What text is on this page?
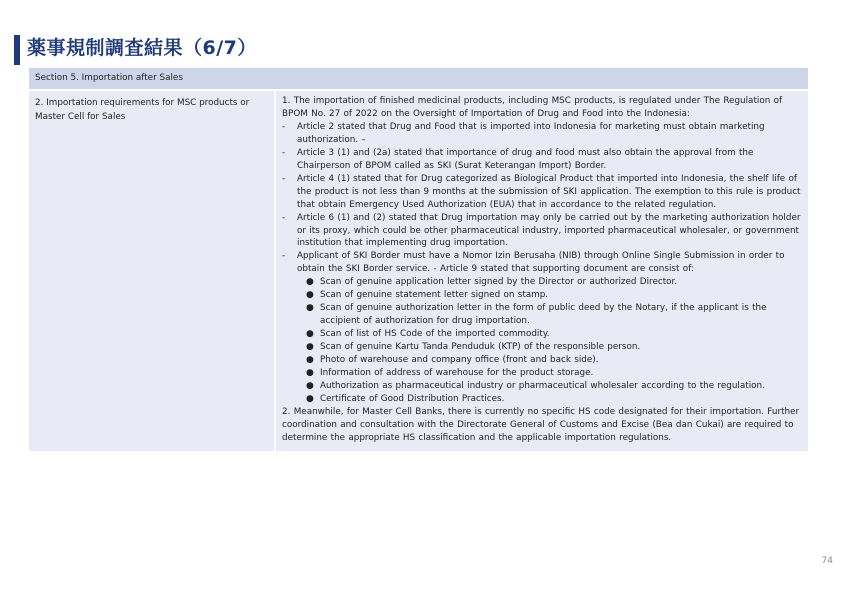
薬事規制調査結果（6/7）
Section 5. Importation after Sales
2. Importation requirements for MSC products or Master Cell for Sales	

1. The importation of finished medicinal products, including MSC products, is regulated under The Regulation of BPOM No. 27 of 2022 on the Oversight of Importation of Drug and Food into the Indonesia:

- Article 2 stated that Drug and Food that is imported into Indonesia for marketing must obtain marketing authorization. –

- Article 3 (1) and (2a) stated that importance of drug and food must also obtain the approval from the Chairperson of BPOM called as SKI (Surat Keterangan Import) Border.

- Article 4 (1) stated that for Drug categorized as Biological Product that imported into Indonesia, the shelf life of the product is not less than 9 months at the submission of SKI application. The exemption to this rule is product that obtain Emergency Used Authorization (EUA) that in accordance to the related regulation.

- Article 6 (1) and (2) stated that Drug importation may only be carried out by the marketing authorization holder or its proxy, which could be other pharmaceutical industry, imported pharmaceutical wholesaler, or government institution that implementing drug importation.

- Applicant of SKI Border must have a Nomor Izin Berusaha (NIB) through Online Single Submission in order to obtain the SKI Border service. - Article 9 stated that supporting document are consist of:

● Scan of genuine application letter signed by the Director or authorized Director.

● Scan of genuine statement letter signed on stamp.

● Scan of genuine authorization letter in the form of public deed by the Notary, if the applicant is the accipient of authorization for drug importation.

● Scan of list of HS Code of the imported commodity.

● Scan of genuine Kartu Tanda Penduduk (KTP) of the responsible person.

● Photo of warehouse and company office (front and back side).

● Information of address of warehouse for the product storage.

● Authorization as pharmaceutical industry or pharmaceutical wholesaler according to the regulation.

● Certificate of Good Distribution Practices.

2. Meanwhile, for Master Cell Banks, there is currently no specific HS code designated for their importation. Further coordination and consultation with the Directorate General of Customs and Excise (Bea dan Cukai) are required to determine the appropriate HS classification and the applicable importation regulations.

74
